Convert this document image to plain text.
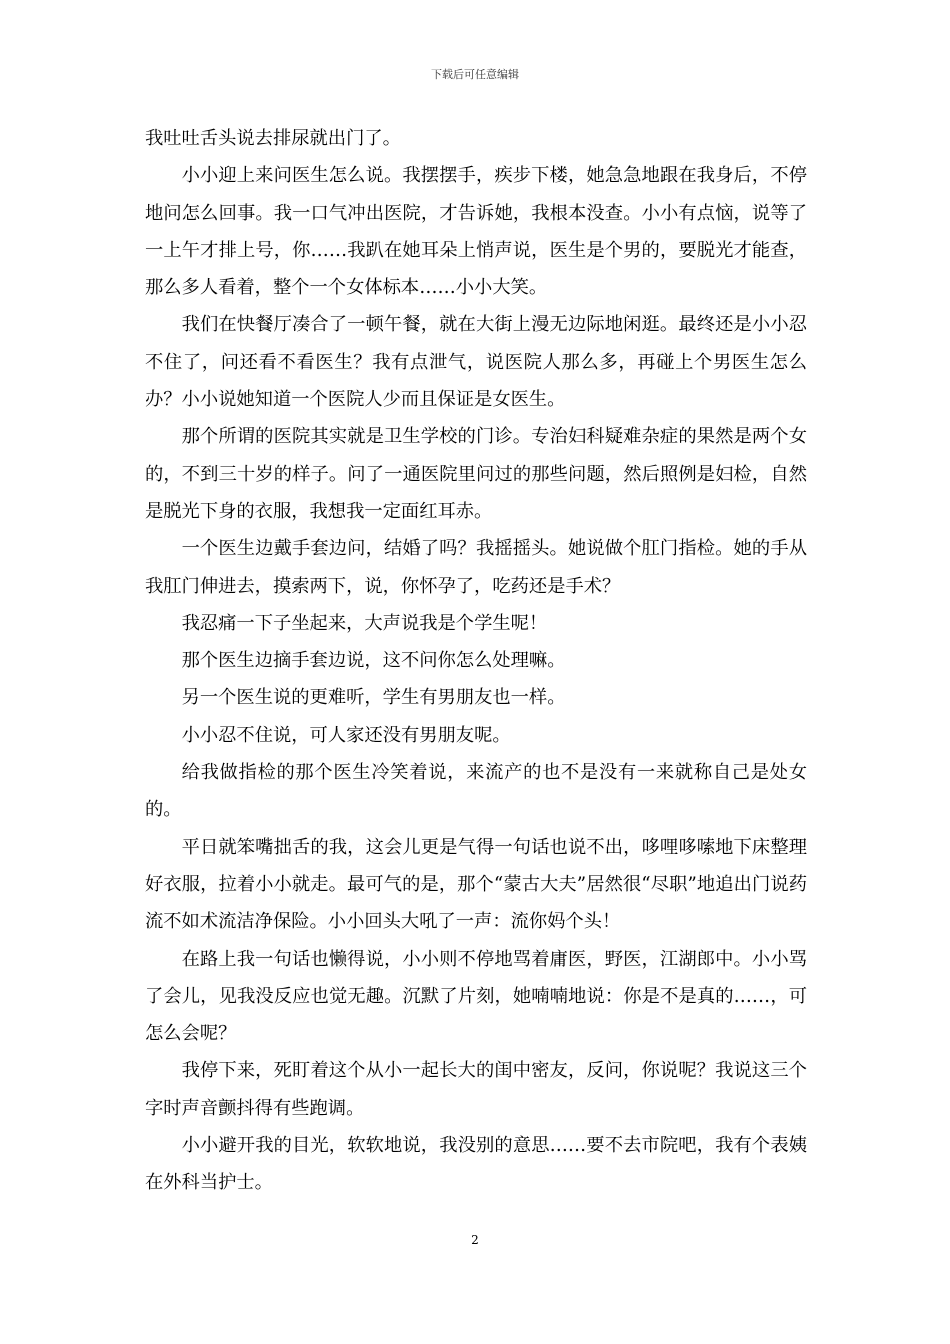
下载后可任意编辑

我吐吐舌头说去排尿就出门了。

小小迎上来问医生怎么说。我摆摆手，疾步下楼，她急急地跟在我身后，不停地问怎么回事。我一口气冲出医院，才告诉她，我根本没查。小小有点恼，说等了一上午才排上号，你……我趴在她耳朵上悄声说，医生是个男的，要脱光才能查，那么多人看着，整个一个女体标本……小小大笑。

我们在快餐厅凑合了一顿午餐，就在大街上漫无边际地闲逛。最终还是小小忍不住了，问还看不看医生？我有点泄气，说医院人那么多，再碰上个男医生怎么办？小小说她知道一个医院人少而且保证是女医生。

那个所谓的医院其实就是卫生学校的门诊。专治妇科疑难杂症的果然是两个女的，不到三十岁的样子。问了一通医院里问过的那些问题，然后照例是妇检，自然是脱光下身的衣服，我想我一定面红耳赤。

一个医生边戴手套边问，结婚了吗？我摇摇头。她说做个肛门指检。她的手从我肛门伸进去，摸索两下，说，你怀孕了，吃药还是手术？

我忍痛一下子坐起来，大声说我是个学生呢！

那个医生边摘手套边说，这不问你怎么处理嘛。

另一个医生说的更难听，学生有男朋友也一样。

小小忍不住说，可人家还没有男朋友呢。

给我做指检的那个医生冷笑着说，来流产的也不是没有一来就称自己是处女的。

平日就笨嘴拙舌的我，这会儿更是气得一句话也说不出，哆哩哆嗦地下床整理好衣服，拉着小小就走。最可气的是，那个“蒙古大夫”居然很“尽职”地追出门说药流不如术流洁净保险。小小回头大吼了一声：流你妈个头！

在路上我一句话也懒得说，小小则不停地骂着庸医，野医，江湖郎中。小小骂了会儿，见我没反应也觉无趣。沉默了片刻，她喃喃地说：你是不是真的……，可怎么会呢？

我停下来，死盯着这个从小一起长大的闺中密友，反问，你说呢？我说这三个字时声音颤抖得有些跑调。

小小避开我的目光，软软地说，我没别的意思……要不去市院吧，我有个表姨在外科当护士。

2
